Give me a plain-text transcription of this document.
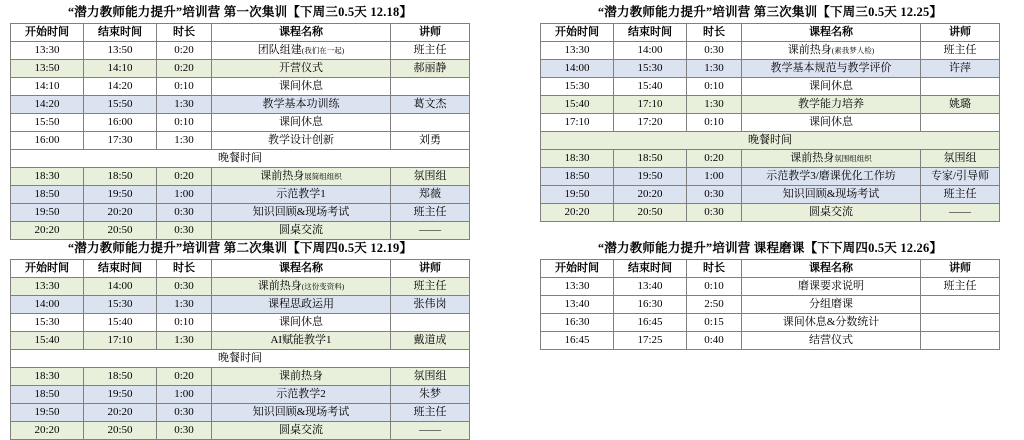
“潜力教师能力提升”培训营 第一次集训【下周三0.5天 12.18】
开始时间	结束时间	时长	课程名称	讲师
13:30	13:50	0:20	团队组建(我们在一起)	班主任
13:50	14:10	0:20	开营仪式	郝丽静
14:10	14:20	0:10	课间休息	
14:20	15:50	1:30	教学基本功训练	葛文杰
15:50	16:00	0:10	课间休息	
16:00	17:30	1:30	教学设计创新	刘勇
晚餐时间				
18:30	18:50	0:20	课前热身展简组组织	氛围组
18:50	19:50	1:00	示范教学1	郑薇
19:50	20:20	0:30	知识回顾&现场考试	班主任
20:20	20:50	0:30	圆桌交流	——
“潜力教师能力提升”培训营 第三次集训【下周三0.5天 12.25】
开始时间	结束时间	时长	课程名称	讲师
13:30	14:00	0:30	课前热身(素我梦人检)	班主任
14:00	15:30	1:30	教学基本规范与教学评价	许萍
15:30	15:40	0:10	课间休息	
15:40	17:10	1:30	教学能力培养	姚璐
17:10	17:20	0:10	课间休息	
晚餐时间				
18:30	18:50	0:20	课前热身氛围组组织	氛围组
18:50	19:50	1:00	示范教学3/磨课优化工作坊	专家/引导师
19:50	20:20	0:30	知识回顾&现场考试	班主任
20:20	20:50	0:30	圆桌交流	——
“潜力教师能力提升”培训营 第二次集训【下周四0.5天 12.19】
开始时间	结束时间	时长	课程名称	讲师
13:30	14:00	0:30	课前热身(这份变资料)	班主任
14:00	15:30	1:30	课程思政运用	张伟岗
15:30	15:40	0:10	课间休息	
15:40	17:10	1:30	AI赋能教学1	戴道成
晚餐时间				
18:30	18:50	0:20	课前热身	氛围组
18:50	19:50	1:00	示范教学2	朱梦
19:50	20:20	0:30	知识回顾&现场考试	班主任
20:20	20:50	0:30	圆桌交流	——
“潜力教师能力提升”培训营 课程磨课【下下周四0.5天 12.26】
开始时间	结束时间	时长	课程名称	讲师
13:30	13:40	0:10	磨课要求说明	班主任
13:40	16:30	2:50	分组磨课	
16:30	16:45	0:15	课间休息&分数统计	
16:45	17:25	0:40	结营仪式	
